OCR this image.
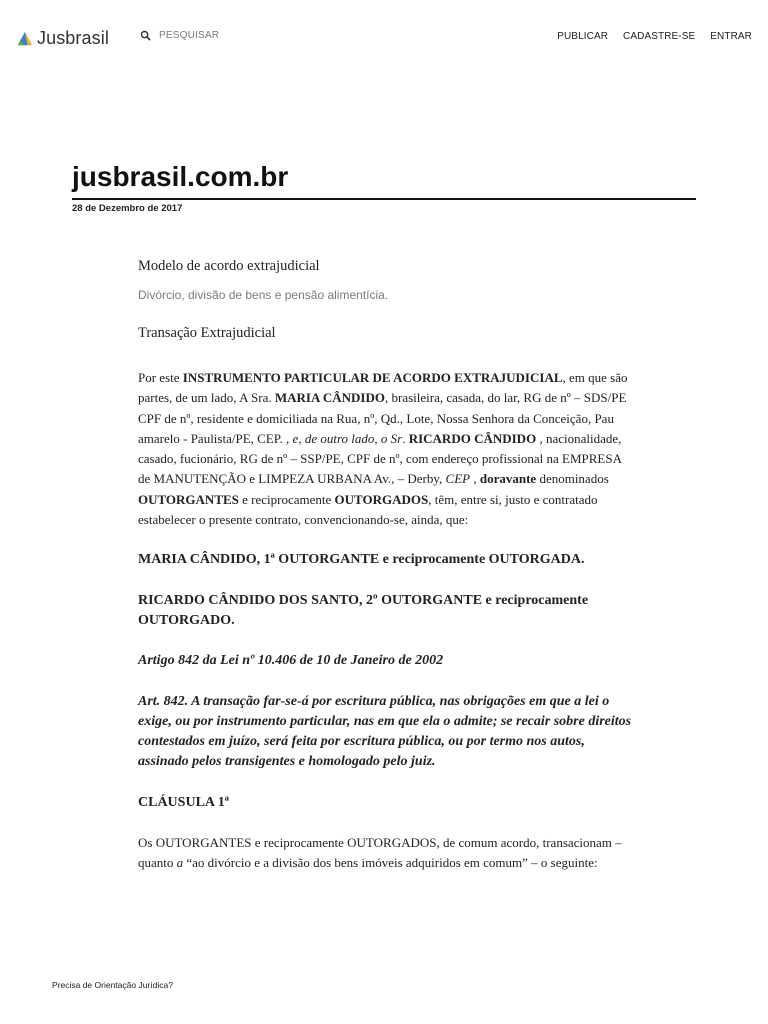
Jusbrasil
PESQUISAR	PUBLICAR CADASTRE-SE ENTRAR
jusbrasil.com.br
28 de Dezembro de 2017
Modelo de acordo extrajudicial
Divórcio, divisão de bens e pensão alimentícia.
Transação Extrajudicial

Por este INSTRUMENTO PARTICULAR DE ACORDO EXTRAJUDICIAL, em que são partes, de um lado, A Sra. MARIA CÂNDIDO, brasileira, casada, do lar, RG de nº – SDS/PE CPF de nº, residente e domiciliada na Rua, nº, Qd., Lote, Nossa Senhora da Conceição, Pau amarelo - Paulista/PE, CEP. , e, de outro lado, o Sr. RICARDO CÂNDIDO , nacionalidade, casado, fucionário, RG de nº – SSP/PE, CPF de nº, com endereço profissional na EMPRESA de MANUTENÇÃO e LIMPEZA URBANA Av., – Derby, CEP , doravante denominados OUTORGANTES e reciprocamente OUTORGADOS, têm, entre si, justo e contratado estabelecer o presente contrato, convencionando-se, ainda, que:

MARIA CÂNDIDO, 1ª OUTORGANTE e reciprocamente OUTORGADA.
RICARDO CÂNDIDO DOS SANTO, 2º OUTORGANTE e reciprocamente OUTORGADO.
Artigo 842 da Lei nº 10.406 de 10 de Janeiro de 2002
Art. 842. A transação far-se-á por escritura pública, nas obrigações em que a lei o exige, ou por instrumento particular, nas em que ela o admite; se recair sobre direitos contestados em juízo, será feita por escritura pública, ou por termo nos autos, assinado pelos transigentes e homologado pelo juiz.
CLÁUSULA 1ª

Os OUTORGANTES e reciprocamente OUTORGADOS, de comum acordo, transacionam – quanto a “ao divórcio e a divisão dos bens imóveis adquiridos em comum” – o seguinte:

Precisa de Orientação Jurídica?
